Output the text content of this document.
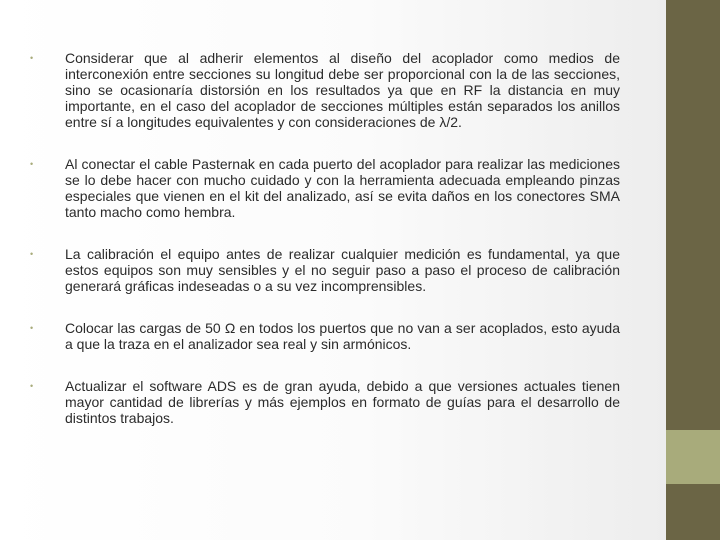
•	Considerar que al adherir elementos al diseño del acoplador como medios de interconexión entre secciones su longitud debe ser proporcional con la de las secciones, sino se ocasionaría distorsión en los resultados ya que en RF la distancia en muy importante, en el caso del acoplador de secciones múltiples están separados los anillos entre sí a longitudes equivalentes y con consideraciones de λ/2.
•	Al conectar el cable Pasternak en cada puerto del acoplador para realizar las mediciones se lo debe hacer con mucho cuidado y con la herramienta adecuada empleando pinzas especiales que vienen en el kit del analizado, así se evita daños en los conectores SMA tanto macho como hembra.
•	La calibración el equipo antes de realizar cualquier medición es fundamental, ya que estos equipos son muy sensibles y el no seguir paso a paso el proceso de calibración generará gráficas indeseadas o a su vez incomprensibles.
•	Colocar las cargas de 50 Ω en todos los puertos que no van a ser acoplados, esto ayuda a que la traza en el analizador sea real y sin armónicos.
•	Actualizar el software ADS es de gran ayuda, debido a que versiones actuales tienen mayor cantidad de librerías y más ejemplos en formato de guías para el desarrollo de distintos trabajos.
